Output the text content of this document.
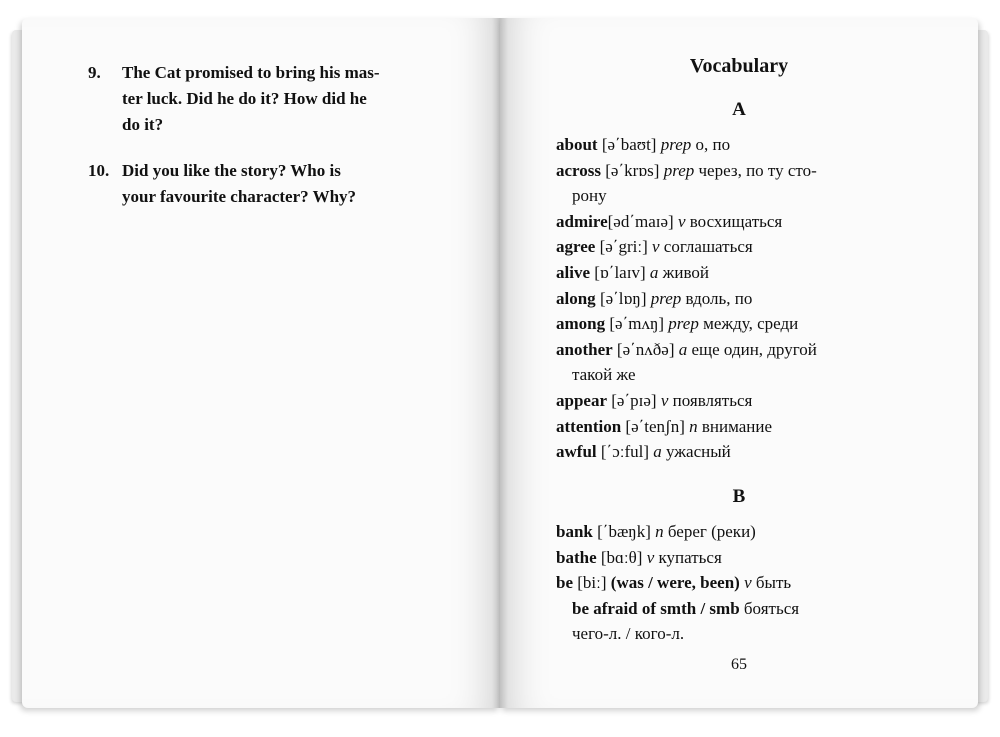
9. The Cat promised to bring his mas-
ter luck. Did he do it? How did he
do it?
10. Did you like the story? Who is
your favourite character? Why?
Vocabulary
A
about [ə΄baʊt] prep о, по
across [ə΄krɒs] prep через, по ту сто-
рону
admire[əd΄maɪə] v восхищаться
agree [ə΄griː] v соглашаться
alive [ɒ΄laɪv] a живой
along [ə΄lɒŋ] prep вдоль, по
among [ə΄mʌŋ] prep между, среди
another [ə΄nʌðə] a еще один, другой
такой же
appear [ə΄pɪə] v появляться
attention [ə΄tenʃn] n внимание
awful [΄ɔːful] a ужасный
B
bank [΄bæŋk] n берег (реки)
bathe [bɑːθ] v купаться
be [biː] (was / were, been) v быть
be afraid of smth / smb бояться
чего-л. / кого-л.
65
